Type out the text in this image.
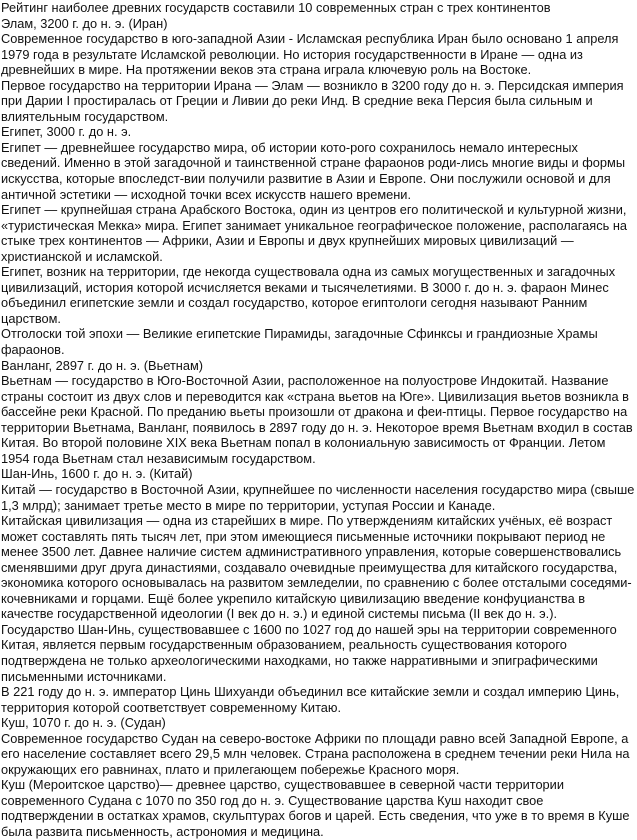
Рейтинг наиболее древних государств составили 10 современных стран с трех континентов

Элам, 3200 г. до н. э. (Иран)

Современное государство в юго-западной Азии - Исламская республика Иран было основано 1 апреля 1979 года в результате Исламской революции. Но история государственности в Иране — одна из древнейших в мире. На протяжении веков эта страна играла ключевую роль на Востоке.

Первое государство на территории Ирана — Элам — возникло в 3200 году до н. э. Персидская империя при Дарии I простиралась от Греции и Ливии до реки Инд. В средние века Персия была сильным и влиятельным государством.

Египет, 3000 г. до н. э.

Египет — древнейшее государство мира, об истории кото-рого сохранилось немало интересных сведений. Именно в этой загадочной и таинственной стране фараонов роди-лись многие виды и формы искусства, которые впоследст-вии получили развитие в Азии и Европе. Они послужили основой и для античной эстетики — исходной точки всех искусств нашего времени.

Египет — крупнейшая страна Арабского Востока, один из центров его политической и культурной жизни, «туристическая Мекка» мира. Египет занимает уникальное географическое положение, располагаясь на стыке трех континентов — Африки, Азии и Европы и двух крупнейших мировых цивилизаций — христианской и исламской.

Египет, возник на территории, где некогда существовала одна из самых могущественных и загадочных цивилизаций, история которой исчисляется веками и тысячелетиями. В 3000 г. до н. э. фараон Минес объединил египетские земли и создал государство, которое египтологи сегодня называют Ранним царством.

Отголоски той эпохи — Великие египетские Пирамиды, загадочные Сфинксы и грандиозные Храмы фараонов.

Ванланг, 2897 г. до н. э. (Вьетнам)

Вьетнам — государство в Юго-Восточной Азии, расположенное на полуострове Индокитай. Название страны состоит из двух слов и переводится как «страна вьетов на Юге». Цивилизация вьетов возникла в бассейне реки Красной. По преданию вьеты произошли от дракона и феи-птицы. Первое государство на территории Вьетнама, Ванланг, появилось в 2897 году до н. э. Некоторое время Вьетнам входил в состав Китая. Во второй половине XIX века Вьетнам попал в колониальную зависимость от Франции. Летом 1954 года Вьетнам стал независимым государством.

Шан-Инь, 1600 г. до н. э. (Китай)

Китай — государство в Восточной Азии, крупнейшее по численности населения государство мира (свыше 1,3 млрд); занимает третье место в мире по территории, уступая России и Канаде.

Китайская цивилизация — одна из старейших в мире. По утверждениям китайских учёных, её возраст может составлять пять тысяч лет, при этом имеющиеся письменные источники покрывают период не менее 3500 лет. Давнее наличие систем административного управления, которые совершенствовались сменявшими друг друга династиями, создавало очевидные преимущества для китайского государства, экономика которого основывалась на развитом земледелии, по сравнению с более отсталыми соседями-кочевниками и горцами. Ещё более укрепило китайскую цивилизацию введение конфуцианства в качестве государственной идеологии (I век до н. э.) и единой системы письма (II век до н. э.).

Государство Шан-Инь, существовавшее с 1600 по 1027 год до нашей эры на территории современного Китая, является первым государственным образованием, реальность существования которого подтверждена не только археологическими находками, но также нарративными и эпиграфическими письменными источниками.

В 221 году до н. э. император Цинь Шихуанди объединил все китайские земли и создал империю Цинь, территория которой соответствует современному Китаю.

Куш, 1070 г. до н. э. (Судан)

Современное государство Судан на северо-востоке Африки по площади равно всей Западной Европе, а его население составляет всего 29,5 млн человек. Страна расположена в среднем течении реки Нила на окружающих его равнинах, плато и прилегающем побережье Красного моря.

Куш (Мероитское царство)— древнее царство, существовавшее в северной части территории современного Судана с 1070 по 350 год до н. э. Существование царства Куш находит свое подтверждении в остатках храмов, скульптурах богов и царей. Есть сведения, что уже в то время в Куше была развита письменность, астрономия и медицина.
